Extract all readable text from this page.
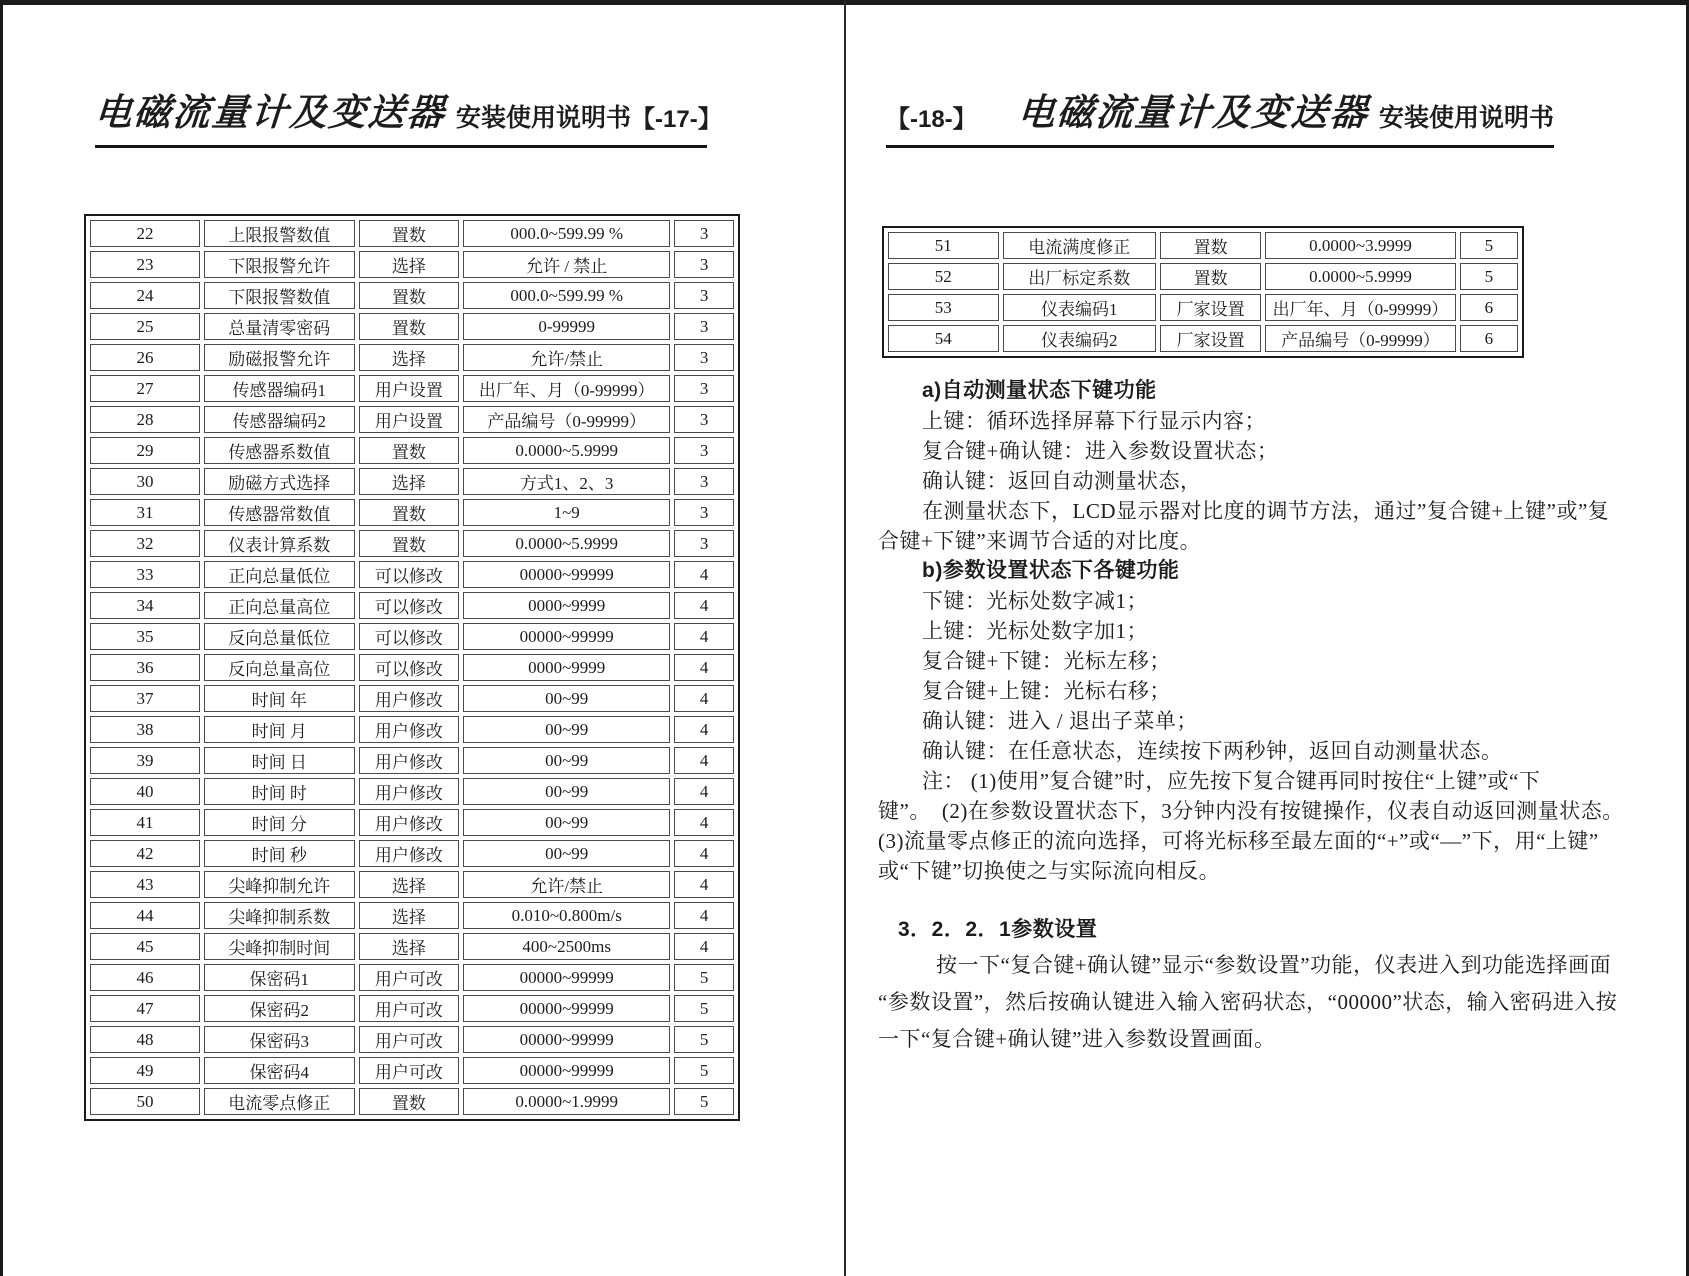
电磁流量计及变送器 安装使用说明书 【-17-】
22	上限报警数值	置数	000.0~599.99 %	3
23	下限报警允许	选择	允许 / 禁止	3
24	下限报警数值	置数	000.0~599.99 %	3
25	总量清零密码	置数	0-99999	3
26	励磁报警允许	选择	允许/禁止	3
27	传感器编码1	用户设置	出厂年、月（0-99999）	3
28	传感器编码2	用户设置	产品编号（0-99999）	3
29	传感器系数值	置数	0.0000~5.9999	3
30	励磁方式选择	选择	方式1、2、3	3
31	传感器常数值	置数	1~9	3
32	仪表计算系数	置数	0.0000~5.9999	3
33	正向总量低位	可以修改	00000~99999	4
34	正向总量高位	可以修改	0000~9999	4
35	反向总量低位	可以修改	00000~99999	4
36	反向总量高位	可以修改	0000~9999	4
37	时间 年	用户修改	00~99	4
38	时间 月	用户修改	00~99	4
39	时间 日	用户修改	00~99	4
40	时间 时	用户修改	00~99	4
41	时间 分	用户修改	00~99	4
42	时间 秒	用户修改	00~99	4
43	尖峰抑制允许	选择	允许/禁止	4
44	尖峰抑制系数	选择	0.010~0.800m/s	4
45	尖峰抑制时间	选择	400~2500ms	4
46	保密码1	用户可改	00000~99999	5
47	保密码2	用户可改	00000~99999	5
48	保密码3	用户可改	00000~99999	5
49	保密码4	用户可改	00000~99999	5
50	电流零点修正	置数	0.0000~1.9999	5
【-18-】 电磁流量计及变送器 安装使用说明书
51	电流满度修正	置数	0.0000~3.9999	5
52	出厂标定系数	置数	0.0000~5.9999	5
53	仪表编码1	厂家设置	出厂年、月（0-99999）	6
54	仪表编码2	厂家设置	产品编号（0-99999）	6
a)自动测量状态下键功能
上键：循环选择屏幕下行显示内容；
复合键+确认键：进入参数设置状态；
确认键：返回自动测量状态，
在测量状态下，LCD显示器对比度的调节方法，通过”复合键+上键”或”复
合键+下键”来调节合适的对比度。
b)参数设置状态下各键功能
下键：光标处数字减1；
上键：光标处数字加1；
复合键+下键：光标左移；
复合键+上键：光标右移；
确认键：进入 / 退出子菜单；
确认键：在任意状态，连续按下两秒钟，返回自动测量状态。
注： (1)使用”复合键”时，应先按下复合键再同时按住“上键”或“下
键”。　(2)在参数设置状态下，3分钟内没有按键操作，仪表自动返回测量状态。
(3)流量零点修正的流向选择，可将光标移至最左面的“+”或“—”下，用“上键”
或“下键”切换使之与实际流向相反。
3．2．2．1参数设置
按一下“复合键+确认键”显示“参数设置”功能，仪表进入到功能选择画面
“参数设置”，然后按确认键进入输入密码状态，“00000”状态，输入密码进入按
一下“复合键+确认键”进入参数设置画面。
